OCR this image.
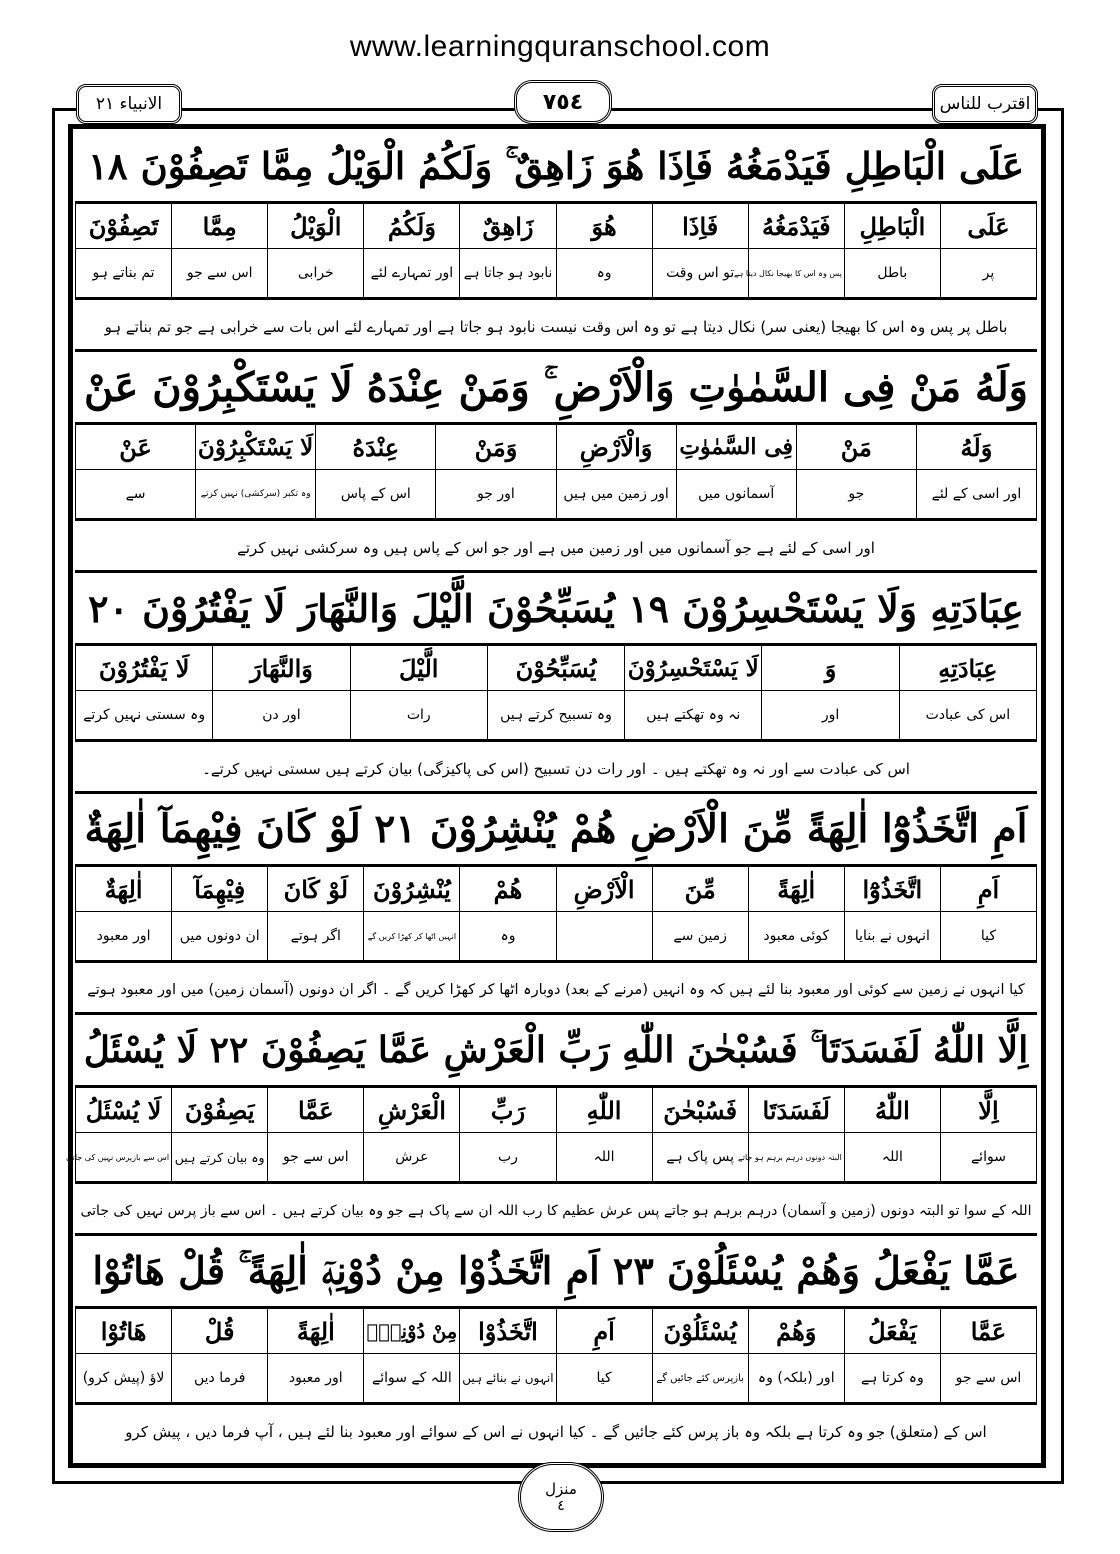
www.learningquranschool.com
الانبياء ٢١	٧٥٤	اقترب للناس
عَلَى الْبَاطِلِ فَيَدْمَغُهُ فَاِذَا هُوَ زَاهِقٌ ۚ وَلَكُمُ الْوَيْلُ مِمَّا تَصِفُوْنَ ١٨
عَلَى	الْبَاطِلِ	فَيَدْمَغُهُ	فَاِذَا	هُوَ	زَاهِقٌ	وَلَكُمُ	الْوَيْلُ	مِمَّا	تَصِفُوْنَ
پر	باطل	پس وہ اس کا بھیجا نکال دیتا ہے	تو اس وقت	وہ	نابود ہو جاتا ہے	اور تمہارے لئے	خرابی	اس سے جو	تم بناتے ہو
باطل پر پس وہ اس کا بھیجا (یعنی سر) نکال دیتا ہے تو وہ اس وقت نیست نابود ہو جاتا ہے اور تمہارے لئے اس بات سے خرابی ہے جو تم بناتے ہو
وَلَهُ مَنْ فِى السَّمٰوٰتِ وَالْاَرْضِ ۚ وَمَنْ عِنْدَهُ لَا يَسْتَكْبِرُوْنَ عَنْ
وَلَهُ	مَنْ	فِى السَّمٰوٰتِ	وَالْاَرْضِ	وَمَنْ	عِنْدَهُ	لَا يَسْتَكْبِرُوْنَ	عَنْ
اور اسی کے لئے	جو	آسمانوں میں	اور زمین میں ہیں	اور جو	اس کے پاس	وہ تکبر (سرکشی) نہیں کرتے	سے
اور اسی کے لئے ہے جو آسمانوں میں اور زمین میں ہے اور جو اس کے پاس ہیں وہ سرکشی نہیں کرتے
عِبَادَتِهِ وَلَا يَسْتَحْسِرُوْنَ ١٩ يُسَبِّحُوْنَ الَّيْلَ وَالنَّهَارَ لَا يَفْتُرُوْنَ ٢٠
عِبَادَتِهِ	وَ	لَا يَسْتَحْسِرُوْنَ	يُسَبِّحُوْنَ	الَّيْلَ	وَالنَّهَارَ	لَا يَفْتُرُوْنَ
اس کی عبادت	اور	نہ وہ تھکتے ہیں	وہ تسبیح کرتے ہیں	رات	اور دن	وہ سستی نہیں کرتے
اس کی عبادت سے اور نہ وہ تھکتے ہیں ۔ اور رات دن تسبیح (اس کی پاکیزگی) بیان کرتے ہیں سستی نہیں کرتے۔
اَمِ اتَّخَذُوْٓا اٰلِهَةً مِّنَ الْاَرْضِ هُمْ يُنْشِرُوْنَ ٢١ لَوْ كَانَ فِيْهِمَآ اٰلِهَةٌ
اَمِ	اتَّخَذُوْٓا	اٰلِهَةً	مِّنَ	الْاَرْضِ	هُمْ	يُنْشِرُوْنَ	لَوْ كَانَ	فِيْهِمَآ	اٰلِهَةٌ
کیا	انہوں نے بنایا	کوئی معبود	زمین سے		وہ	انہیں اٹھا کر کھڑا کریں گے	اگر ہوتے	ان دونوں میں	اور معبود
کیا انہوں نے زمین سے کوئی اور معبود بنا لئے ہیں کہ وہ انہیں (مرنے کے بعد) دوبارہ اٹھا کر کھڑا کریں گے ۔ اگر ان دونوں (آسمان زمین) میں اور معبود ہوتے
اِلَّا اللّٰهُ لَفَسَدَتَا ۚ فَسُبْحٰنَ اللّٰهِ رَبِّ الْعَرْشِ عَمَّا يَصِفُوْنَ ٢٢ لَا يُسْئَلُ
اِلَّا	اللّٰهُ	لَفَسَدَتَا	فَسُبْحٰنَ	اللّٰهِ	رَبِّ	الْعَرْشِ	عَمَّا	يَصِفُوْنَ	لَا يُسْئَلُ
سوائے	اللہ	البتہ دونوں درہم برہم ہو جاتے	پس پاک ہے	اللہ	رب	عرش	اس سے جو	وہ بیان کرتے ہیں	اس سے بازپرس نہیں کی جاتی
اللہ کے سوا تو البتہ دونوں (زمین و آسمان) درہم برہم ہو جاتے پس عرش عظیم کا رب اللہ ان سے پاک ہے جو وہ بیان کرتے ہیں ۔ اس سے باز پرس نہیں کی جاتی
عَمَّا يَفْعَلُ وَهُمْ يُسْئَلُوْنَ ٢٣ اَمِ اتَّخَذُوْا مِنْ دُوْنِهٖٓ اٰلِهَةً ۚ قُلْ هَاتُوْا
عَمَّا	يَفْعَلُ	وَهُمْ	يُسْئَلُوْنَ	اَمِ	اتَّخَذُوْا	مِنْ دُوْنِهٖٓ	اٰلِهَةً	قُلْ	هَاتُوْا
اس سے جو	وہ کرتا ہے	اور (بلکہ) وہ	بازپرس کئے جائیں گے	کیا	انہوں نے بنائے ہیں	اللہ کے سوائے	اور معبود	فرما دیں	لاؤ (پیش کرو)
اس کے (متعلق) جو وہ کرتا ہے بلکہ وہ باز پرس کئے جائیں گے ۔ کیا انہوں نے اس کے سوائے اور معبود بنا لئے ہیں ، آپ فرما دیں ، پیش کرو
منزل
٤
